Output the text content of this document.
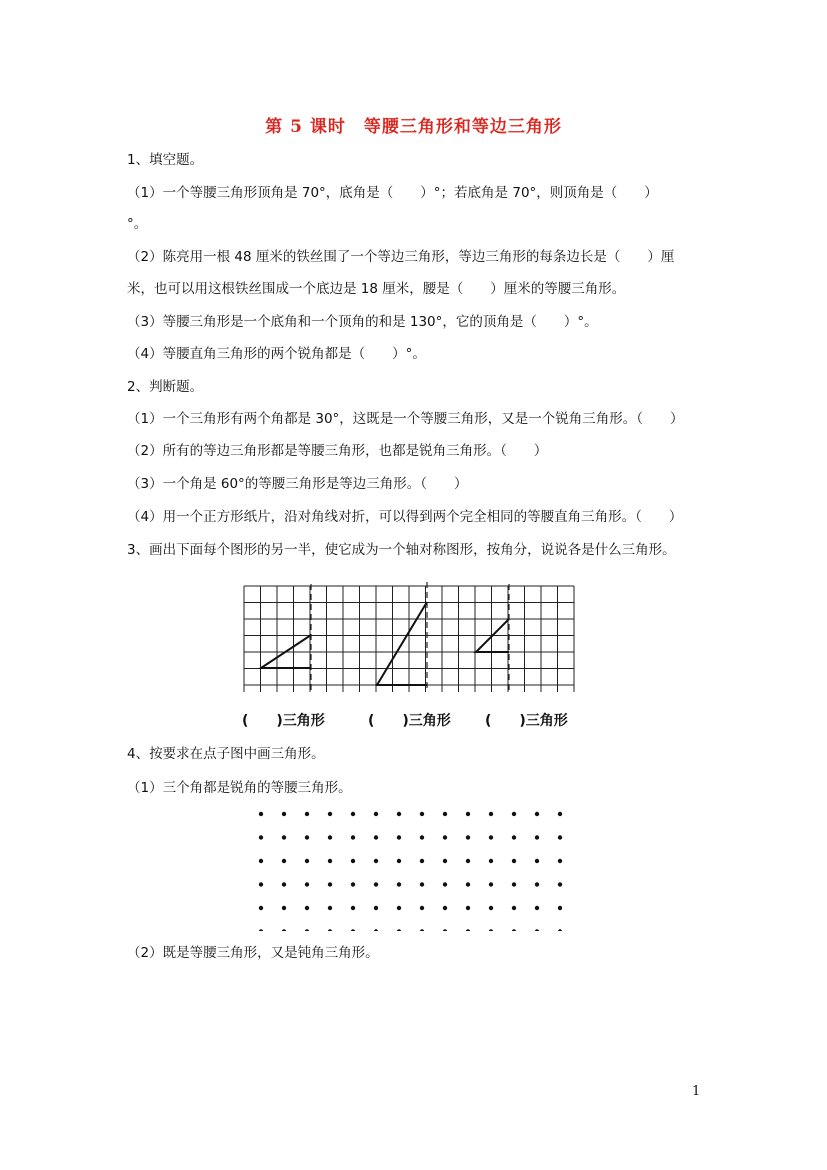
第 5 课时　等腰三角形和等边三角形
1、填空题。
（1）一个等腰三角形顶角是 70°，底角是（　　）°；若底角是 70°，则顶角是（　　）
°。
（2）陈亮用一根 48 厘米的铁丝围了一个等边三角形，等边三角形的每条边长是（　　）厘
米，也可以用这根铁丝围成一个底边是 18 厘米，腰是（　　）厘米的等腰三角形。
（3）等腰三角形是一个底角和一个顶角的和是 130°，它的顶角是（　　）°。
（4）等腰直角三角形的两个锐角都是（　　）°。
2、判断题。
（1）一个三角形有两个角都是 30°，这既是一个等腰三角形，又是一个锐角三角形。（　　）
（2）所有的等边三角形都是等腰三角形，也都是锐角三角形。（　　）
（3）一个角是 60°的等腰三角形是等边三角形。（　　）
（4）用一个正方形纸片，沿对角线对折，可以得到两个完全相同的等腰直角三角形。（　　）
3、画出下面每个图形的另一半，使它成为一个轴对称图形，按角分，说说各是什么三角形。
(　　)三角形	(　　)三角形 (　　)三角形
4、按要求在点子图中画三角形。
（1）三个角都是锐角的等腰三角形。
（2）既是等腰三角形，又是钝角三角形。
1
